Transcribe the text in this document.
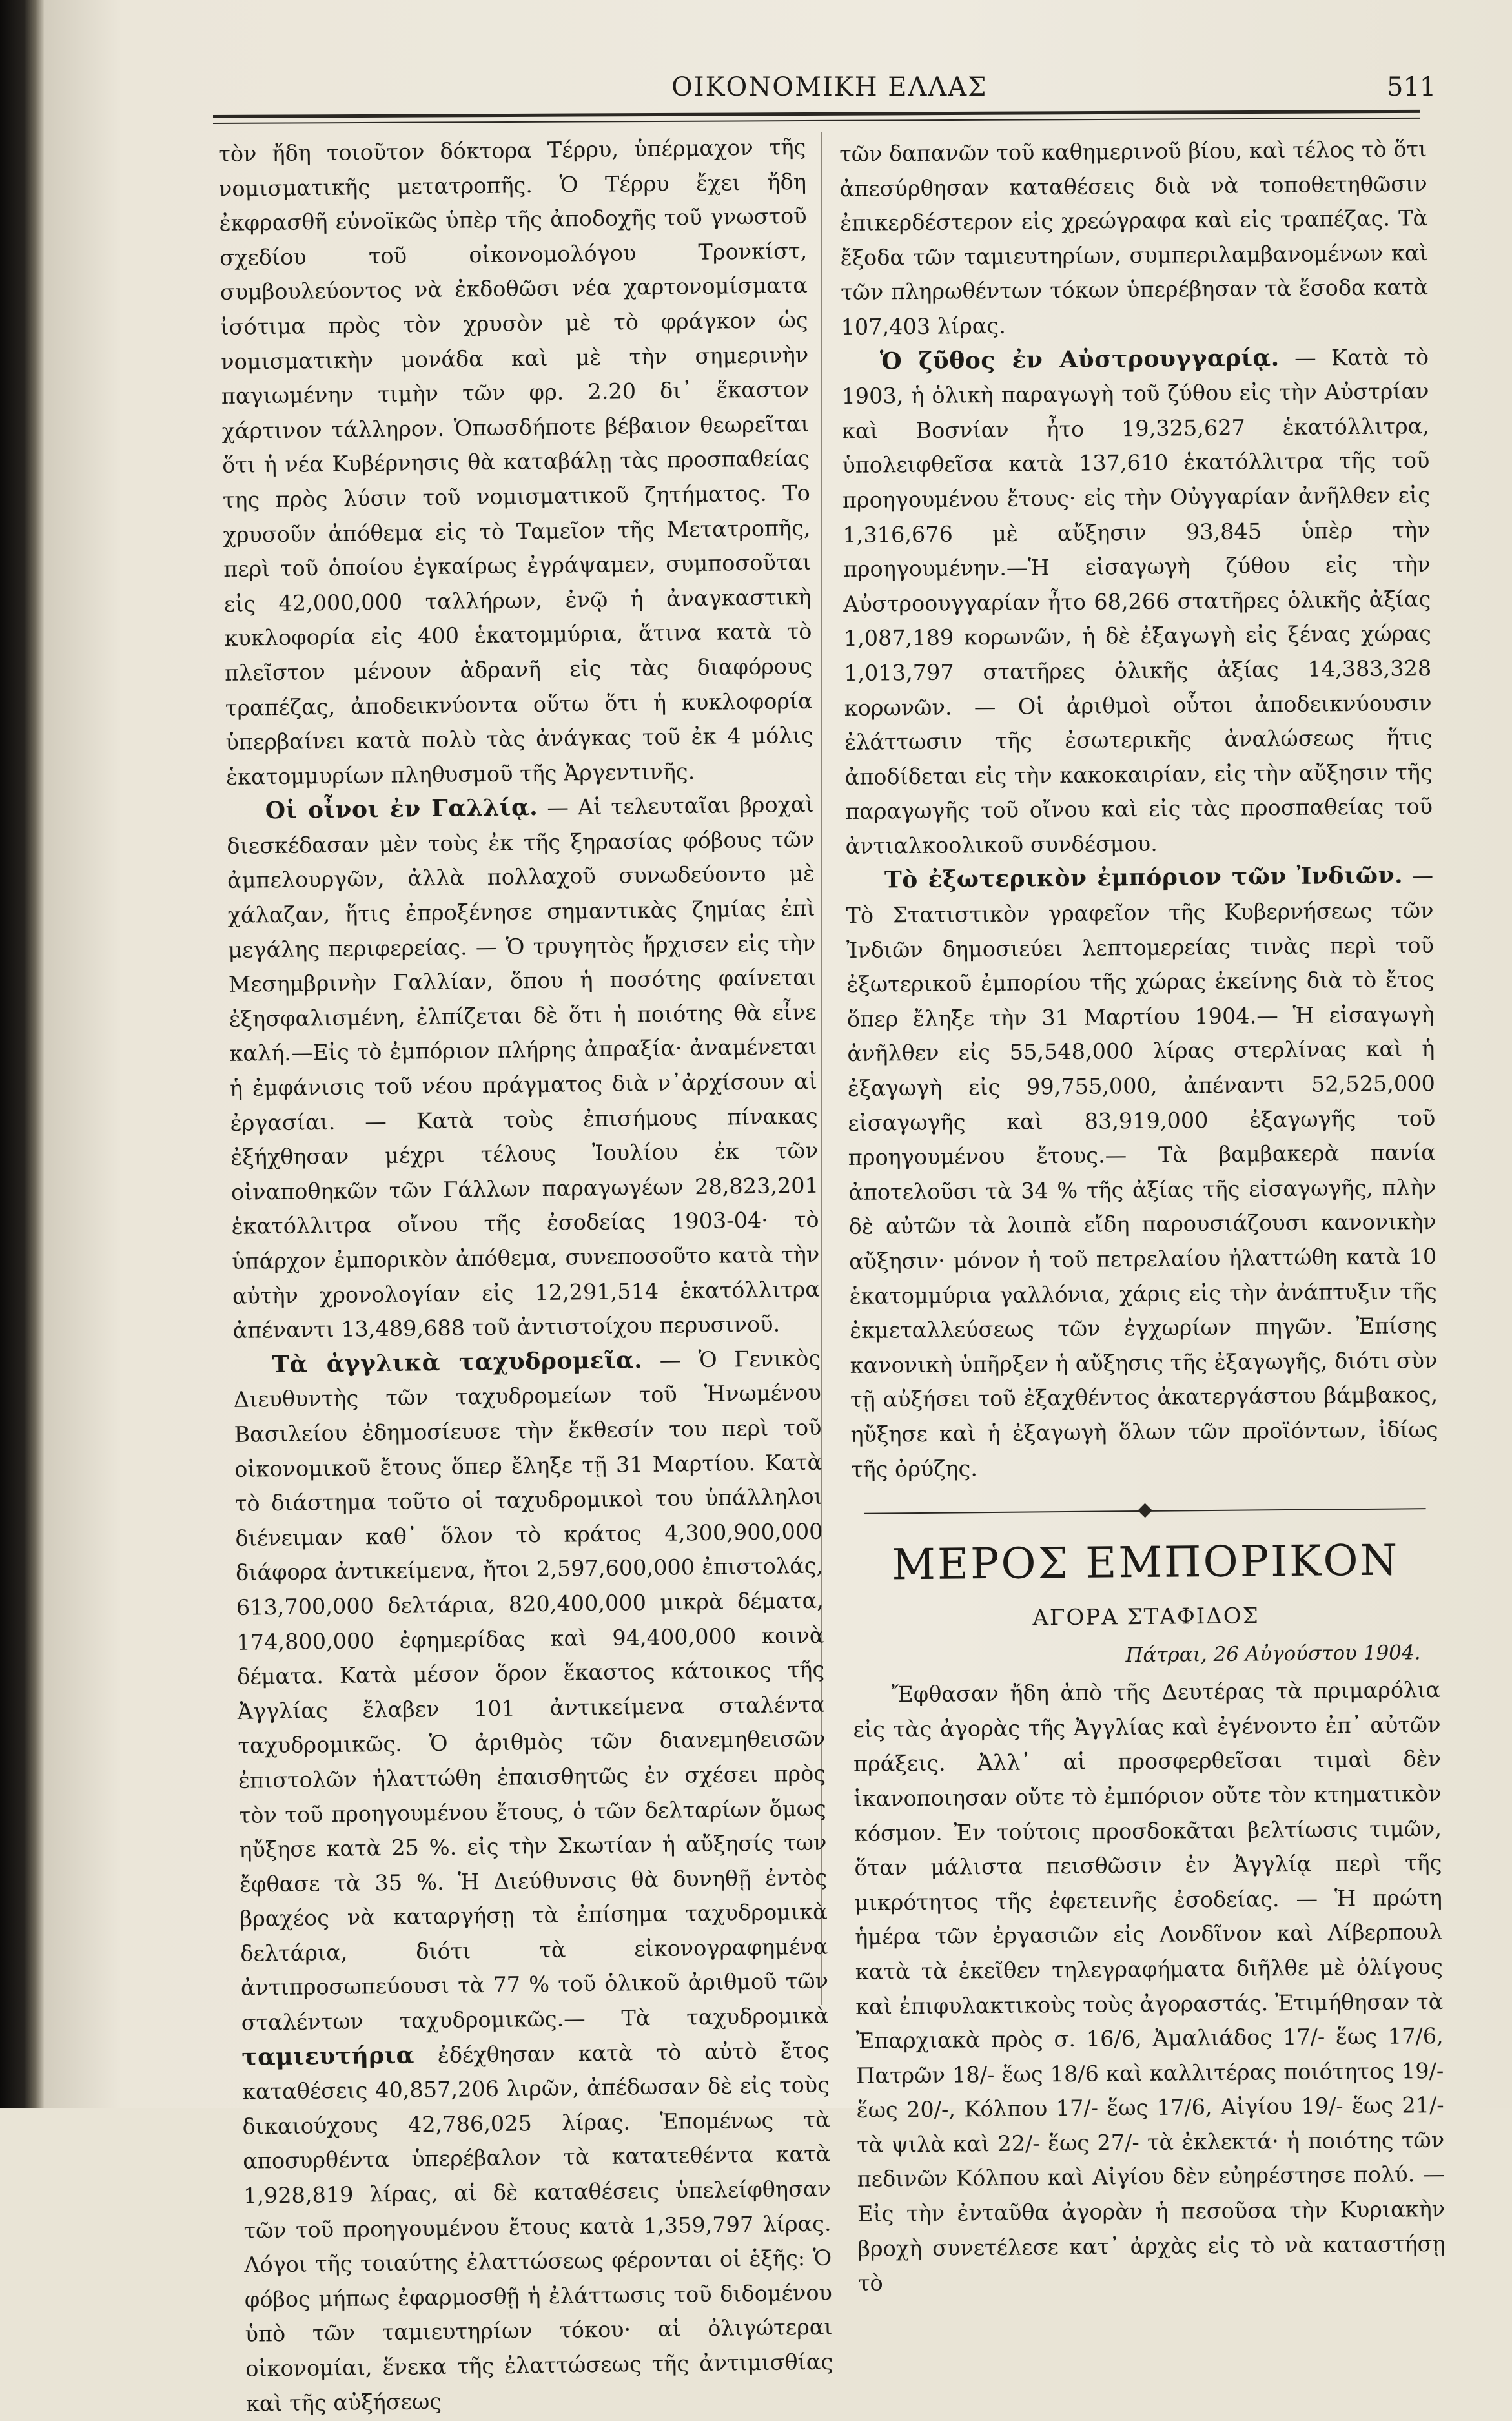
ΟΙΚΟΝΟΜΙΚΗ ΕΛΛΑΣ	511

τὸν ἤδη τοιοῦτον δόκτορα Τέρρυ, ὑπέρμαχον τῆς νομισματικῆς μετατροπῆς. Ὁ Τέρρυ ἔχει ἤδη ἐκφρασθῆ εὐνοϊκῶς ὑπὲρ τῆς ἀποδοχῆς τοῦ γνωστοῦ σχεδίου τοῦ οἰκονομολόγου Τρονκίστ, συμβουλεύοντος νὰ ἐκδοθῶσι νέα χαρτονομίσματα ἰσότιμα πρὸς τὸν χρυσὸν μὲ τὸ φράγκον ὡς νομισματικὴν μονάδα καὶ μὲ τὴν σημερινὴν παγιωμένην τιμὴν τῶν φρ. 2.20 δι᾽ ἕκαστον χάρτινον τάλληρον. Ὁπωσδήποτε βέβαιον θεωρεῖται ὅτι ἡ νέα Κυβέρνησις θὰ καταβάλῃ τὰς προσπαθείας της πρὸς λύσιν τοῦ νομισματικοῦ ζητήματος. Το χρυσοῦν ἀπόθεμα εἰς τὸ Ταμεῖον τῆς Μετατροπῆς, περὶ τοῦ ὁποίου ἐγκαίρως ἐγράψαμεν, συμποσοῦται εἰς 42,000,000 ταλλήρων, ἐνῷ ἡ ἀναγκαστικὴ κυκλοφορία εἰς 400 ἑκατομμύρια, ἅτινα κατὰ τὸ πλεῖστον μένουν ἀδρανῆ εἰς τὰς διαφόρους τραπέζας, ἀποδεικνύοντα οὕτω ὅτι ἡ κυκλοφορία ὑπερβαίνει κατὰ πολὺ τὰς ἀνάγκας τοῦ ἐκ 4 μόλις ἑκατομμυρίων πληθυσμοῦ τῆς Ἀργεντινῆς.

Οἱ οἶνοι ἐν Γαλλίᾳ. — Αἱ τελευταῖαι βροχαὶ διεσκέδασαν μὲν τοὺς ἐκ τῆς ξηρασίας φόβους τῶν ἀμπελουργῶν, ἀλλὰ πολλαχοῦ συνωδεύοντο μὲ χάλαζαν, ἥτις ἐπροξένησε σημαντικὰς ζημίας ἐπὶ μεγάλης περιφερείας. — Ὁ τρυγητὸς ἤρχισεν εἰς τὴν Μεσημβρινὴν Γαλλίαν, ὅπου ἡ ποσότης φαίνεται ἐξησφαλισμένη, ἐλπίζεται δὲ ὅτι ἡ ποιότης θὰ εἶνε καλή.—Εἰς τὸ ἐμπόριον πλήρης ἀπραξία· ἀναμένεται ἡ ἐμφάνισις τοῦ νέου πράγματος διὰ ν᾽ἀρχίσουν αἱ ἐργασίαι. — Κατὰ τοὺς ἐπισήμους πίνακας ἐξήχθησαν μέχρι τέλους Ἰουλίου ἐκ τῶν οἰναποθηκῶν τῶν Γάλλων παραγωγέων 28,823,201 ἑκατόλλιτρα οἴνου τῆς ἐσοδείας 1903-04· τὸ ὑπάρχον ἐμπορικὸν ἀπόθεμα, συνεποσοῦτο κατὰ τὴν αὐτὴν χρονολογίαν εἰς 12,291,514 ἑκατόλλιτρα ἀπέναντι 13,489,688 τοῦ ἀντιστοίχου περυσινοῦ.

Τὰ ἀγγλικὰ ταχυδρομεῖα. — Ὁ Γενικὸς Διευθυντὴς τῶν ταχυδρομείων τοῦ Ἡνωμένου Βασιλείου ἐδημοσίευσε τὴν ἔκθεσίν του περὶ τοῦ οἰκονομικοῦ ἔτους ὅπερ ἔληξε τῇ 31 Μαρτίου. Κατὰ τὸ διάστημα τοῦτο οἱ ταχυδρομικοὶ του ὑπάλληλοι διένειμαν καθ᾽ ὅλον τὸ κράτος 4,300,900,000 διάφορα ἀντικείμενα, ἤτοι 2,597,600,000 ἐπιστολάς, 613,700,000 δελτάρια, 820,400,000 μικρὰ δέματα, 174,800,000 ἐφημερίδας καὶ 94,400,000 κοινὰ δέματα. Κατὰ μέσον ὅρον ἕκαστος κάτοικος τῆς Ἀγγλίας ἔλαβεν 101 ἀντικείμενα σταλέντα ταχυδρομικῶς. Ὁ ἀριθμὸς τῶν διανεμηθεισῶν ἐπιστολῶν ἠλαττώθη ἐπαισθητῶς ἐν σχέσει πρὸς τὸν τοῦ προηγουμένου ἔτους, ὁ τῶν δελταρίων ὅμως ηὔξησε κατὰ 25 %. εἰς τὴν Σκωτίαν ἡ αὔξησίς των ἔφθασε τὰ 35 %. Ἡ Διεύθυνσις θὰ δυνηθῇ ἐντὸς βραχέος νὰ καταργήσῃ τὰ ἐπίσημα ταχυδρομικὰ δελτάρια, διότι τὰ εἰκονογραφημένα ἀντιπροσωπεύουσι τὰ 77 % τοῦ ὁλικοῦ ἀριθμοῦ τῶν σταλέντων ταχυδρομικῶς.— Τὰ ταχυδρομικὰ ταμιευτήρια ἐδέχθησαν κατὰ τὸ αὐτὸ ἔτος καταθέσεις 40,857,206 λιρῶν, ἀπέδωσαν δὲ εἰς τοὺς δικαιούχους 42,786,025 λίρας. Ἑπομένως τὰ αποσυρθέντα ὑπερέβαλον τὰ κατατεθέντα κατὰ 1,928,819 λίρας, αἱ δὲ καταθέσεις ὑπελείφθησαν τῶν τοῦ προηγουμένου ἔτους κατὰ 1,359,797 λίρας. Λόγοι τῆς τοιαύτης ἐλαττώσεως φέρονται οἱ ἑξῆς: Ὁ φόβος μήπως ἐφαρμοσθῇ ἡ ἐλάττωσις τοῦ διδομένου ὑπὸ τῶν ταμιευτηρίων τόκου· αἱ ὀλιγώτεραι οἰκονομίαι, ἕνεκα τῆς ἐλαττώσεως τῆς ἀντιμισθίας καὶ τῆς αὐξήσεως

τῶν δαπανῶν τοῦ καθημερινοῦ βίου, καὶ τέλος τὸ ὅτι ἀπεσύρθησαν καταθέσεις διὰ νὰ τοποθετηθῶσιν ἐπικερδέστερον εἰς χρεώγραφα καὶ εἰς τραπέζας. Τὰ ἔξοδα τῶν ταμιευτηρίων, συμπεριλαμβανομένων καὶ τῶν πληρωθέντων τόκων ὑπερέβησαν τὰ ἔσοδα κατὰ 107,403 λίρας.

Ὁ ζῦθος ἐν Αὐστρουγγαρίᾳ. — Κατὰ τὸ 1903, ἡ ὁλικὴ παραγωγὴ τοῦ ζύθου εἰς τὴν Αὐστρίαν καὶ Βοσνίαν ἦτο 19,325,627 ἑκατόλλιτρα, ὑπολειφθεῖσα κατὰ 137,610 ἑκατόλλιτρα τῆς τοῦ προηγουμένου ἔτους· εἰς τὴν Οὐγγαρίαν ἀνῆλθεν εἰς 1,316,676 μὲ αὔξησιν 93,845 ὑπὲρ τὴν προηγουμένην.—Ἡ εἰσαγωγὴ ζύθου εἰς τὴν Αὐστροουγγαρίαν ἦτο 68,266 στατῆρες ὁλικῆς ἀξίας 1,087,189 κορωνῶν, ἡ δὲ ἐξαγωγὴ εἰς ξένας χώρας 1,013,797 στατῆρες ὁλικῆς ἀξίας 14,383,328 κορωνῶν. — Οἱ ἀριθμοὶ οὗτοι ἀποδεικνύουσιν ἐλάττωσιν τῆς ἐσωτερικῆς ἀναλώσεως ἥτις ἀποδίδεται εἰς τὴν κακοκαιρίαν, εἰς τὴν αὔξησιν τῆς παραγωγῆς τοῦ οἴνου καὶ εἰς τὰς προσπαθείας τοῦ ἀντιαλκοολικοῦ συνδέσμου.

Τὸ ἐξωτερικὸν ἐμπόριον τῶν Ἰνδιῶν. — Τὸ Στατιστικὸν γραφεῖον τῆς Κυβερνήσεως τῶν Ἰνδιῶν δημοσιεύει λεπτομερείας τινὰς περὶ τοῦ ἐξωτερικοῦ ἐμπορίου τῆς χώρας ἐκείνης διὰ τὸ ἔτος ὅπερ ἔληξε τὴν 31 Μαρτίου 1904.— Ἡ εἰσαγωγὴ ἀνῆλθεν εἰς 55,548,000 λίρας στερλίνας καὶ ἡ ἐξαγωγὴ εἰς 99,755,000, ἀπέναντι 52,525,000 εἰσαγωγῆς καὶ 83,919,000 ἐξαγωγῆς τοῦ προηγουμένου ἔτους.— Τὰ βαμβακερὰ πανία ἀποτελοῦσι τὰ 34 % τῆς ἀξίας τῆς εἰσαγωγῆς, πλὴν δὲ αὐτῶν τὰ λοιπὰ εἴδη παρουσιάζουσι κανονικὴν αὔξησιν· μόνον ἡ τοῦ πετρελαίου ἠλαττώθη κατὰ 10 ἑκατομμύρια γαλλόνια, χάρις εἰς τὴν ἀνάπτυξιν τῆς ἐκμεταλλεύσεως τῶν ἐγχωρίων πηγῶν. Ἐπίσης κανονικὴ ὑπῆρξεν ἡ αὔξησις τῆς ἐξαγωγῆς, διότι σὺν τῇ αὐξήσει τοῦ ἐξαχθέντος ἀκατεργάστου βάμβακος, ηὔξησε καὶ ἡ ἐξαγωγὴ ὅλων τῶν προϊόντων, ἰδίως τῆς ὀρύζης.

ΜΕΡΟΣ ΕΜΠΟΡΙΚΟΝ
ΑΓΟΡΑ ΣΤΑΦΙΔΟΣ
Πάτραι, 26 Αὐγούστου 1904.

Ἔφθασαν ἤδη ἀπὸ τῆς Δευτέρας τὰ πριμαρόλια εἰς τὰς ἀγορὰς τῆς Ἀγγλίας καὶ ἐγένοντο ἐπ᾽ αὐτῶν πράξεις. Ἀλλ᾽ αἱ προσφερθεῖσαι τιμαὶ δὲν ἱκανοποιησαν οὔτε τὸ ἐμπόριον οὔτε τὸν κτηματικὸν κόσμον. Ἐν τούτοις προσδοκᾶται βελτίωσις τιμῶν, ὅταν μάλιστα πεισθῶσιν ἐν Ἀγγλίᾳ περὶ τῆς μικρότητος τῆς ἐφετεινῆς ἐσοδείας. — Ἡ πρώτη ἡμέρα τῶν ἐργασιῶν εἰς Λονδῖνον καὶ Λίβερπουλ κατὰ τὰ ἐκεῖθεν τηλεγραφήματα διῆλθε μὲ ὀλίγους καὶ ἐπιφυλακτικοὺς τοὺς ἀγοραστάς. Ἐτιμήθησαν τὰ Ἐπαρχιακὰ πρὸς σ. 16/6, Ἀμαλιάδος 17/- ἕως 17/6, Πατρῶν 18/- ἕως 18/6 καὶ καλλιτέρας ποιότητος 19/- ἕως 20/-, Κόλπου 17/- ἕως 17/6, Αἰγίου 19/- ἕως 21/- τὰ ψιλὰ καὶ 22/- ἕως 27/- τὰ ἐκλεκτά· ἡ ποιότης τῶν πεδινῶν Κόλπου καὶ Αἰγίου δὲν εὐηρέστησε πολύ. — Εἰς τὴν ἐνταῦθα ἀγορὰν ἡ πεσοῦσα τὴν Κυριακὴν βροχὴ συνετέλεσε κατ᾽ ἀρχὰς εἰς τὸ νὰ καταστήσῃ τὸ
